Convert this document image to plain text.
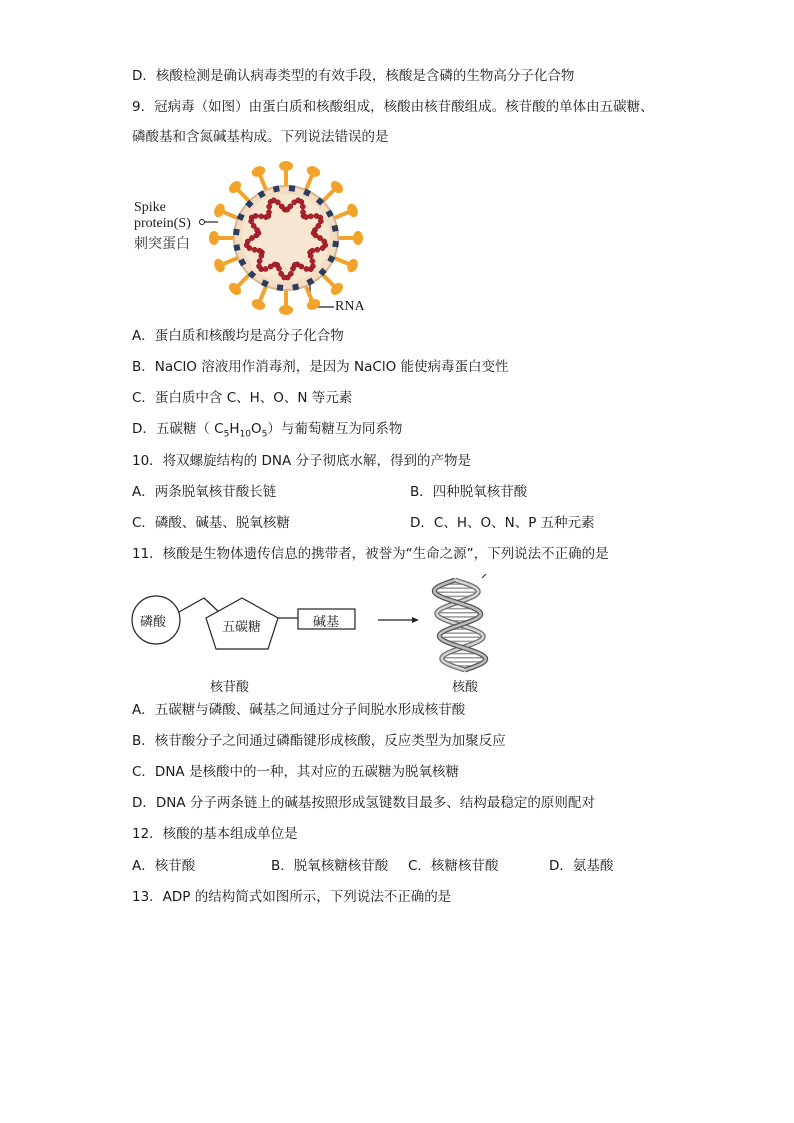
D．核酸检测是确认病毒类型的有效手段，核酸是含磷的生物高分子化合物
9．冠病毒（如图）由蛋白质和核酸组成，核酸由核苷酸组成。核苷酸的单体由五碳糖、
磷酸基和含氮碱基构成。下列说法错误的是
Spike
protein(S)
刺突蛋白
RNA
A．蛋白质和核酸均是高分子化合物
B．NaClO 溶液用作消毒剂，是因为 NaClO 能使病毒蛋白变性
C．蛋白质中含 C、H、O、N 等元素
D．五碳糖（ $C_5H_{10}O_5$）与葡萄糖互为同系物
10．将双螺旋结构的 DNA 分子彻底水解，得到的产物是
A．两条脱氧核苷酸长链	B．四种脱氧核苷酸
C．磷酸、碱基、脱氧核糖	D．C、H、O、N、P 五种元素
11．核酸是生物体遗传信息的携带者，被誉为“生命之源”，下列说法不正确的是
磷酸	五碳糖	碱基
核苷酸	核酸
A．五碳糖与磷酸、碱基之间通过分子间脱水形成核苷酸
B．核苷酸分子之间通过磷酯键形成核酸，反应类型为加聚反应
C．DNA 是核酸中的一种，其对应的五碳糖为脱氧核糖
D．DNA 分子两条链上的碱基按照形成氢键数目最多、结构最稳定的原则配对
12．核酸的基本组成单位是
A．核苷酸	B．脱氧核糖核苷酸 C．核糖核苷酸	D．氨基酸
13．ADP 的结构简式如图所示，下列说法不正确的是
